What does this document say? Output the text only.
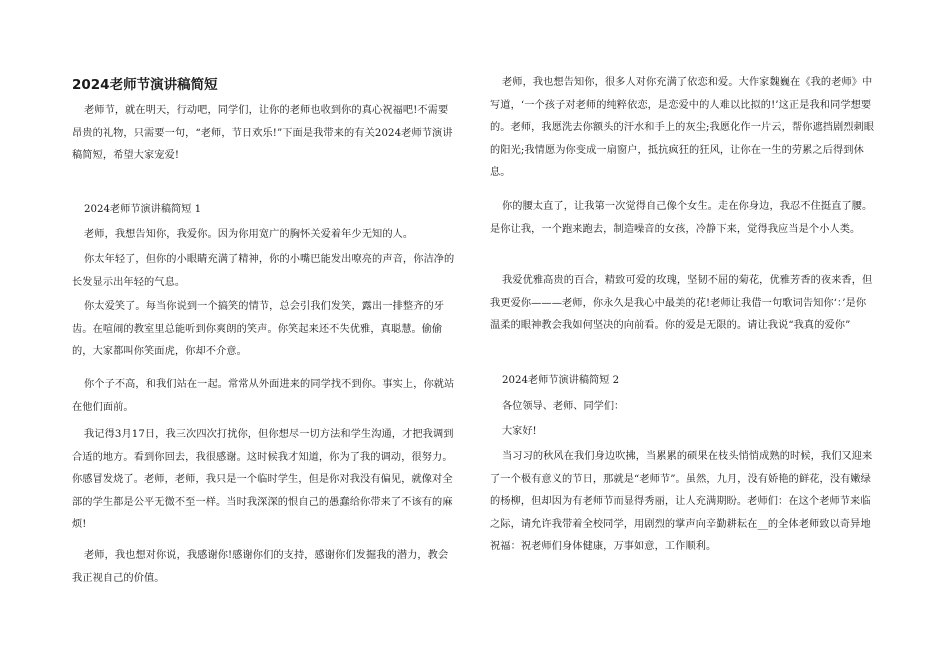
2024老师节演讲稿简短

老师节，就在明天，行动吧，同学们，让你的老师也收到你的真心祝福吧!不需要昂贵的礼物，只需要一句，“老师，节日欢乐!”下面是我带来的有关2024老师节演讲稿简短，希望大家宠爱!

2024老师节演讲稿简短 1

老师，我想告知你，我爱你。因为你用宽广的胸怀关爱着年少无知的人。

你太年轻了，但你的小眼睛充满了精神，你的小嘴巴能发出嘹亮的声音，你洁净的长发显示出年轻的气息。

你太爱笑了。每当你说到一个搞笑的情节，总会引我们发笑，露出一排整齐的牙齿。在喧闹的教室里总能听到你爽朗的笑声。你笑起来还不失优雅，真聪慧。偷偷的，大家都叫你笑面虎，你却不介意。

你个子不高，和我们站在一起。常常从外面进来的同学找不到你。事实上，你就站在他们面前。

我记得3月17日，我三次四次打扰你，但你想尽一切方法和学生沟通，才把我调到合适的地方。看到你回去，我很感谢。这时候我才知道，你为了我的调动，很努力。你感冒发烧了。老师，老师，我只是一个临时学生，但是你对我没有偏见，就像对全部的学生都是公平无微不至一样。当时我深深的恨自己的愚蠢给你带来了不该有的麻烦!

老师，我也想对你说，我感谢你!感谢你们的支持，感谢你们发掘我的潜力，教会我正视自己的价值。

老师，我也想告知你，很多人对你充满了依恋和爱。大作家魏巍在《我的老师》中写道，‘一个孩子对老师的纯粹依恋，是恋爱中的人难以比拟的!’这正是我和同学想要的。老师，我愿洗去你额头的汗水和手上的灰尘;我愿化作一片云，帮你遮挡剧烈刺眼的阳光;我情愿为你变成一扇窗户，抵抗疯狂的狂风，让你在一生的劳累之后得到休息。

你的腰太直了，让我第一次觉得自己像个女生。走在你身边，我忍不住挺直了腰。是你让我，一个跑来跑去，制造噪音的女孩，冷静下来，觉得我应当是个小人类。

我爱优雅高贵的百合，精致可爱的玫瑰，坚韧不屈的菊花，优雅芳香的夜来香，但我更爱你———老师，你永久是我心中最美的花!老师让我借一句歌词告知你‘：’是你温柔的眼神教会我如何坚决的向前看。你的爱是无限的。请让我说“我真的爱你”

2024老师节演讲稿简短 2

各位领导、老师、同学们：

大家好!

当习习的秋风在我们身边吹拂，当累累的硕果在枝头悄悄成熟的时候，我们又迎来了一个极有意义的节日，那就是“老师节”。虽然，九月，没有娇艳的鲜花，没有嫩绿的杨柳，但却因为有老师节而显得秀丽，让人充满期盼。老师们：在这个老师节来临之际，请允许我带着全校同学，用剧烈的掌声向辛勤耕耘在__的全体老师致以奇异地祝福：祝老师们身体健康，万事如意，工作顺利。
